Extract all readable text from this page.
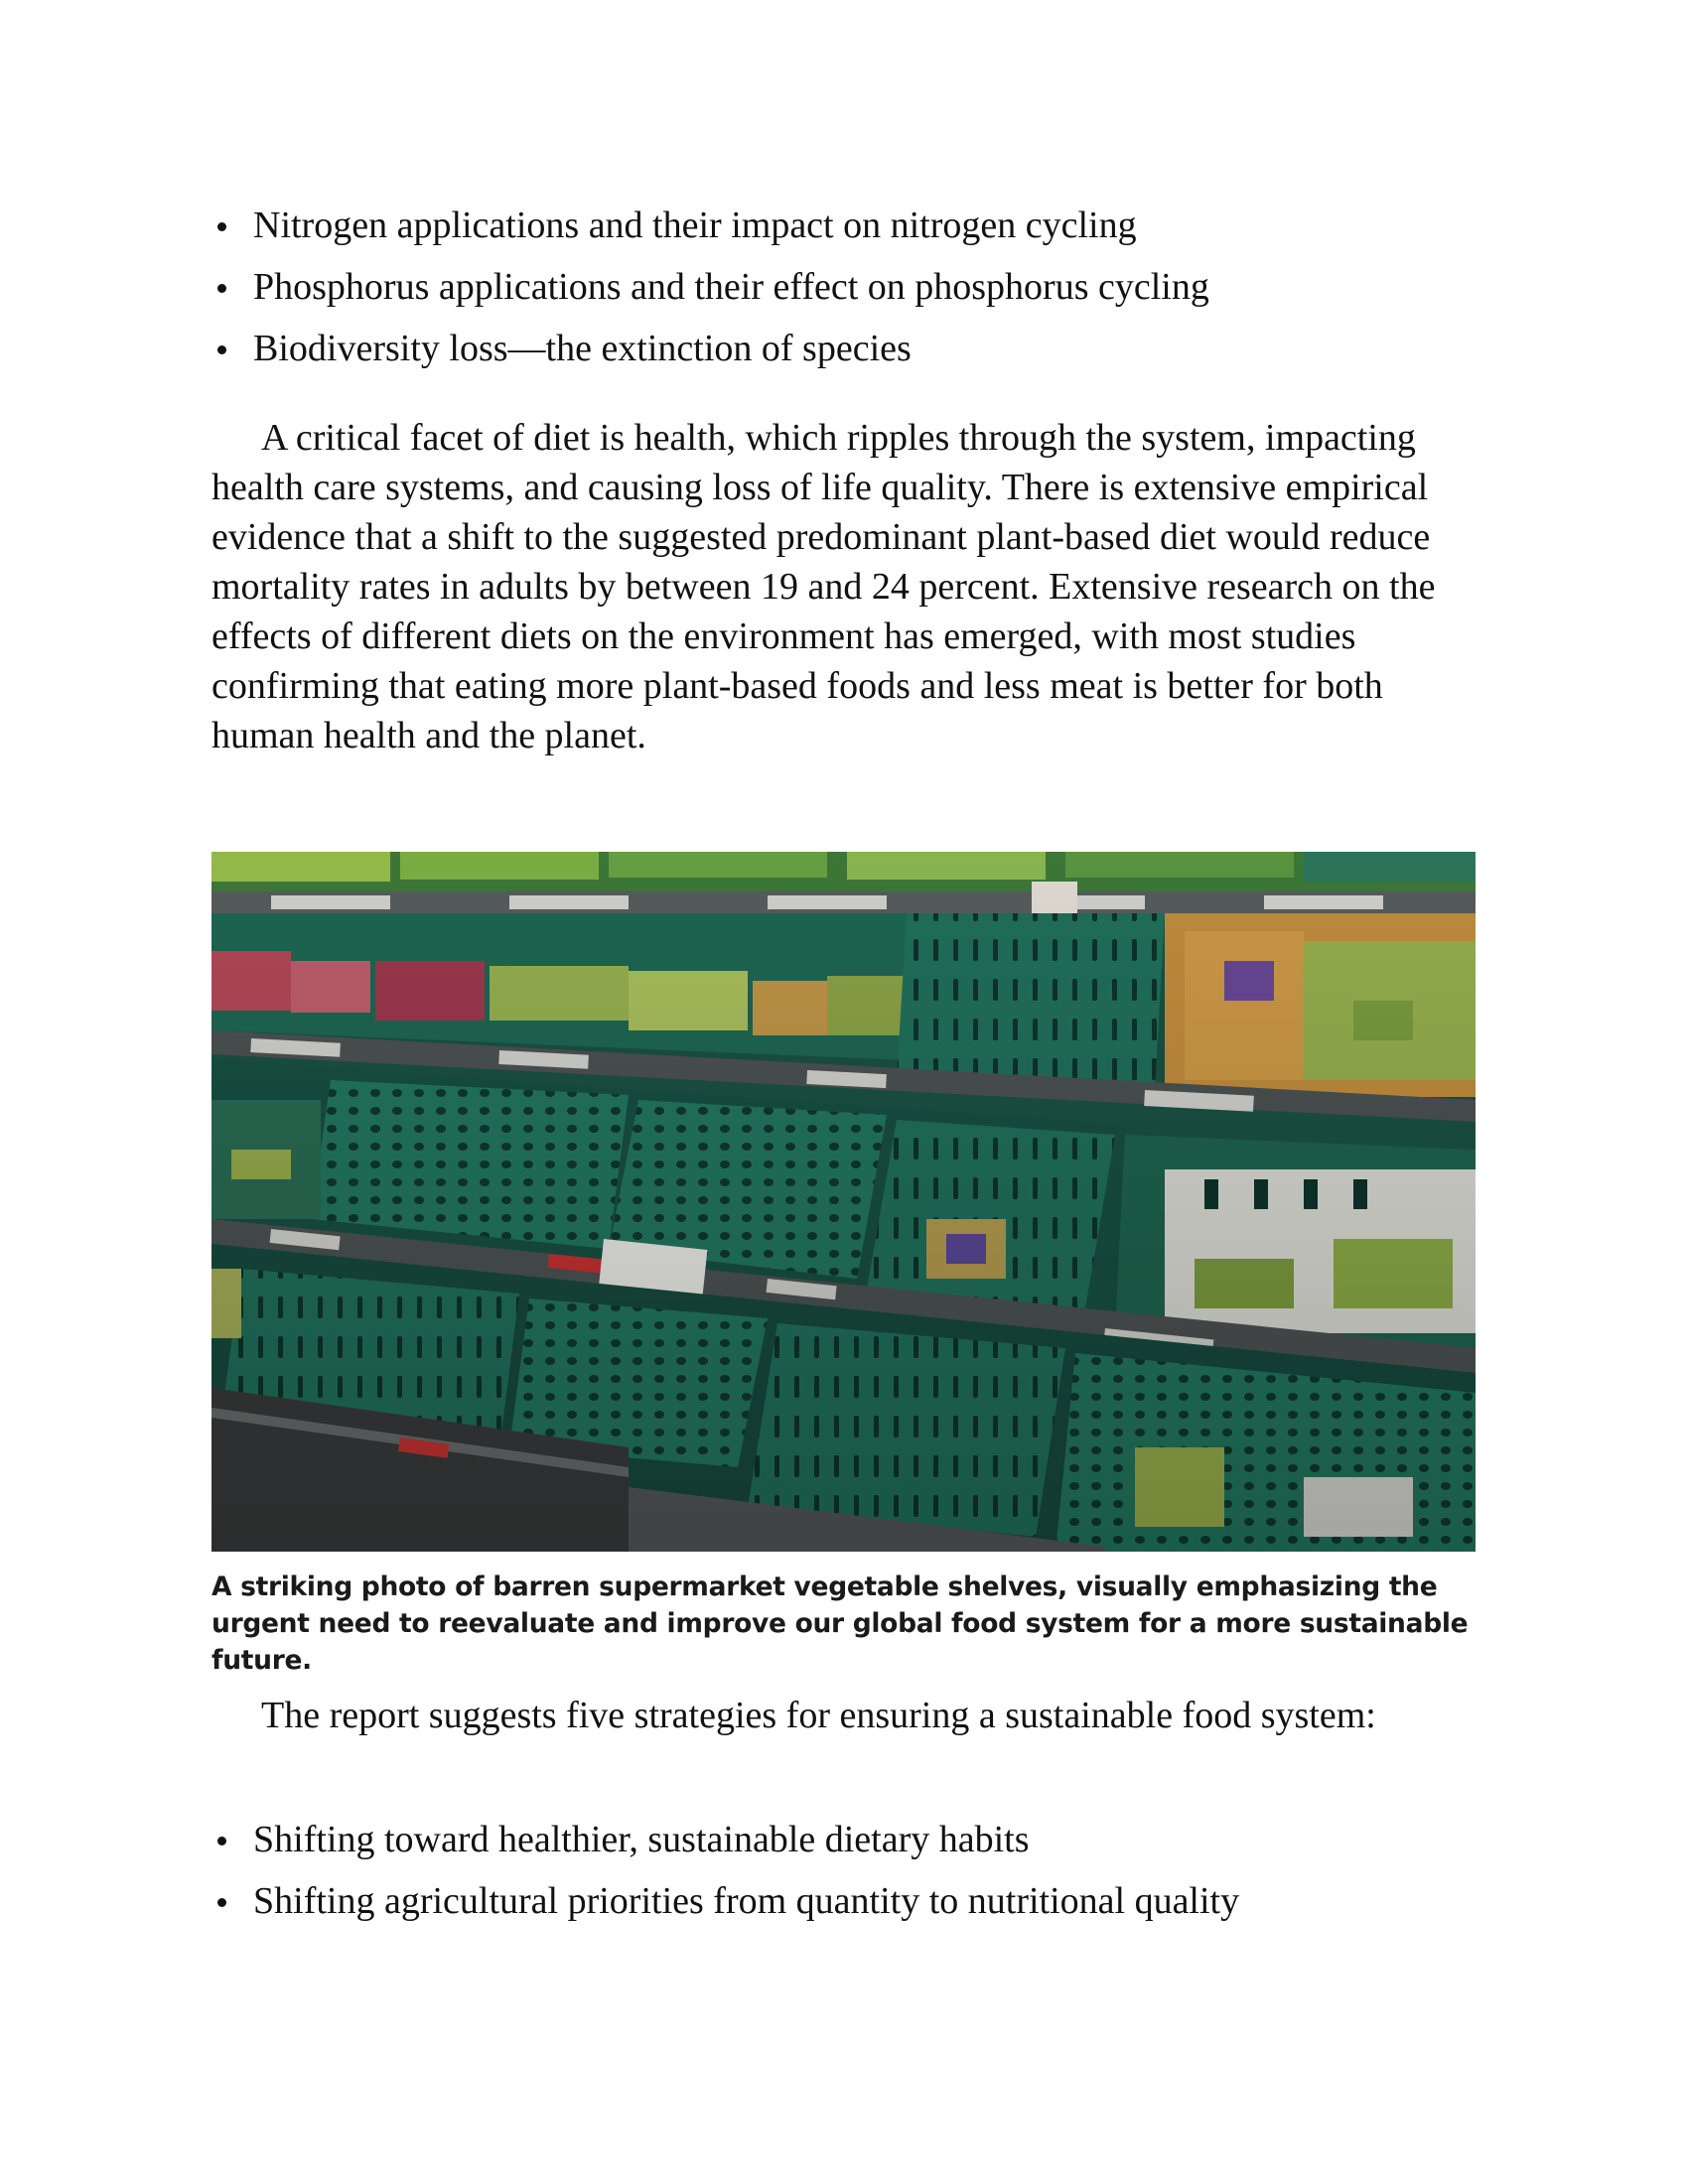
Nitrogen applications and their impact on nitrogen cycling
Phosphorus applications and their effect on phosphorus cycling
Biodiversity loss—the extinction of species

A critical facet of diet is health, which ripples through the system, impacting health care systems, and causing loss of life quality. There is extensive empirical evidence that a shift to the suggested predominant plant-based diet would reduce mortality rates in adults by between 19 and 24 percent. Extensive research on the effects of different diets on the environment has emerged, with most studies confirming that eating more plant-based foods and less meat is better for both human health and the planet.

A striking photo of barren supermarket vegetable shelves, visually emphasizing the urgent need to reevaluate and improve our global food system for a more sustainable future.

The report suggests five strategies for ensuring a sustainable food system:

Shifting toward healthier, sustainable dietary habits
Shifting agricultural priorities from quantity to nutritional quality
